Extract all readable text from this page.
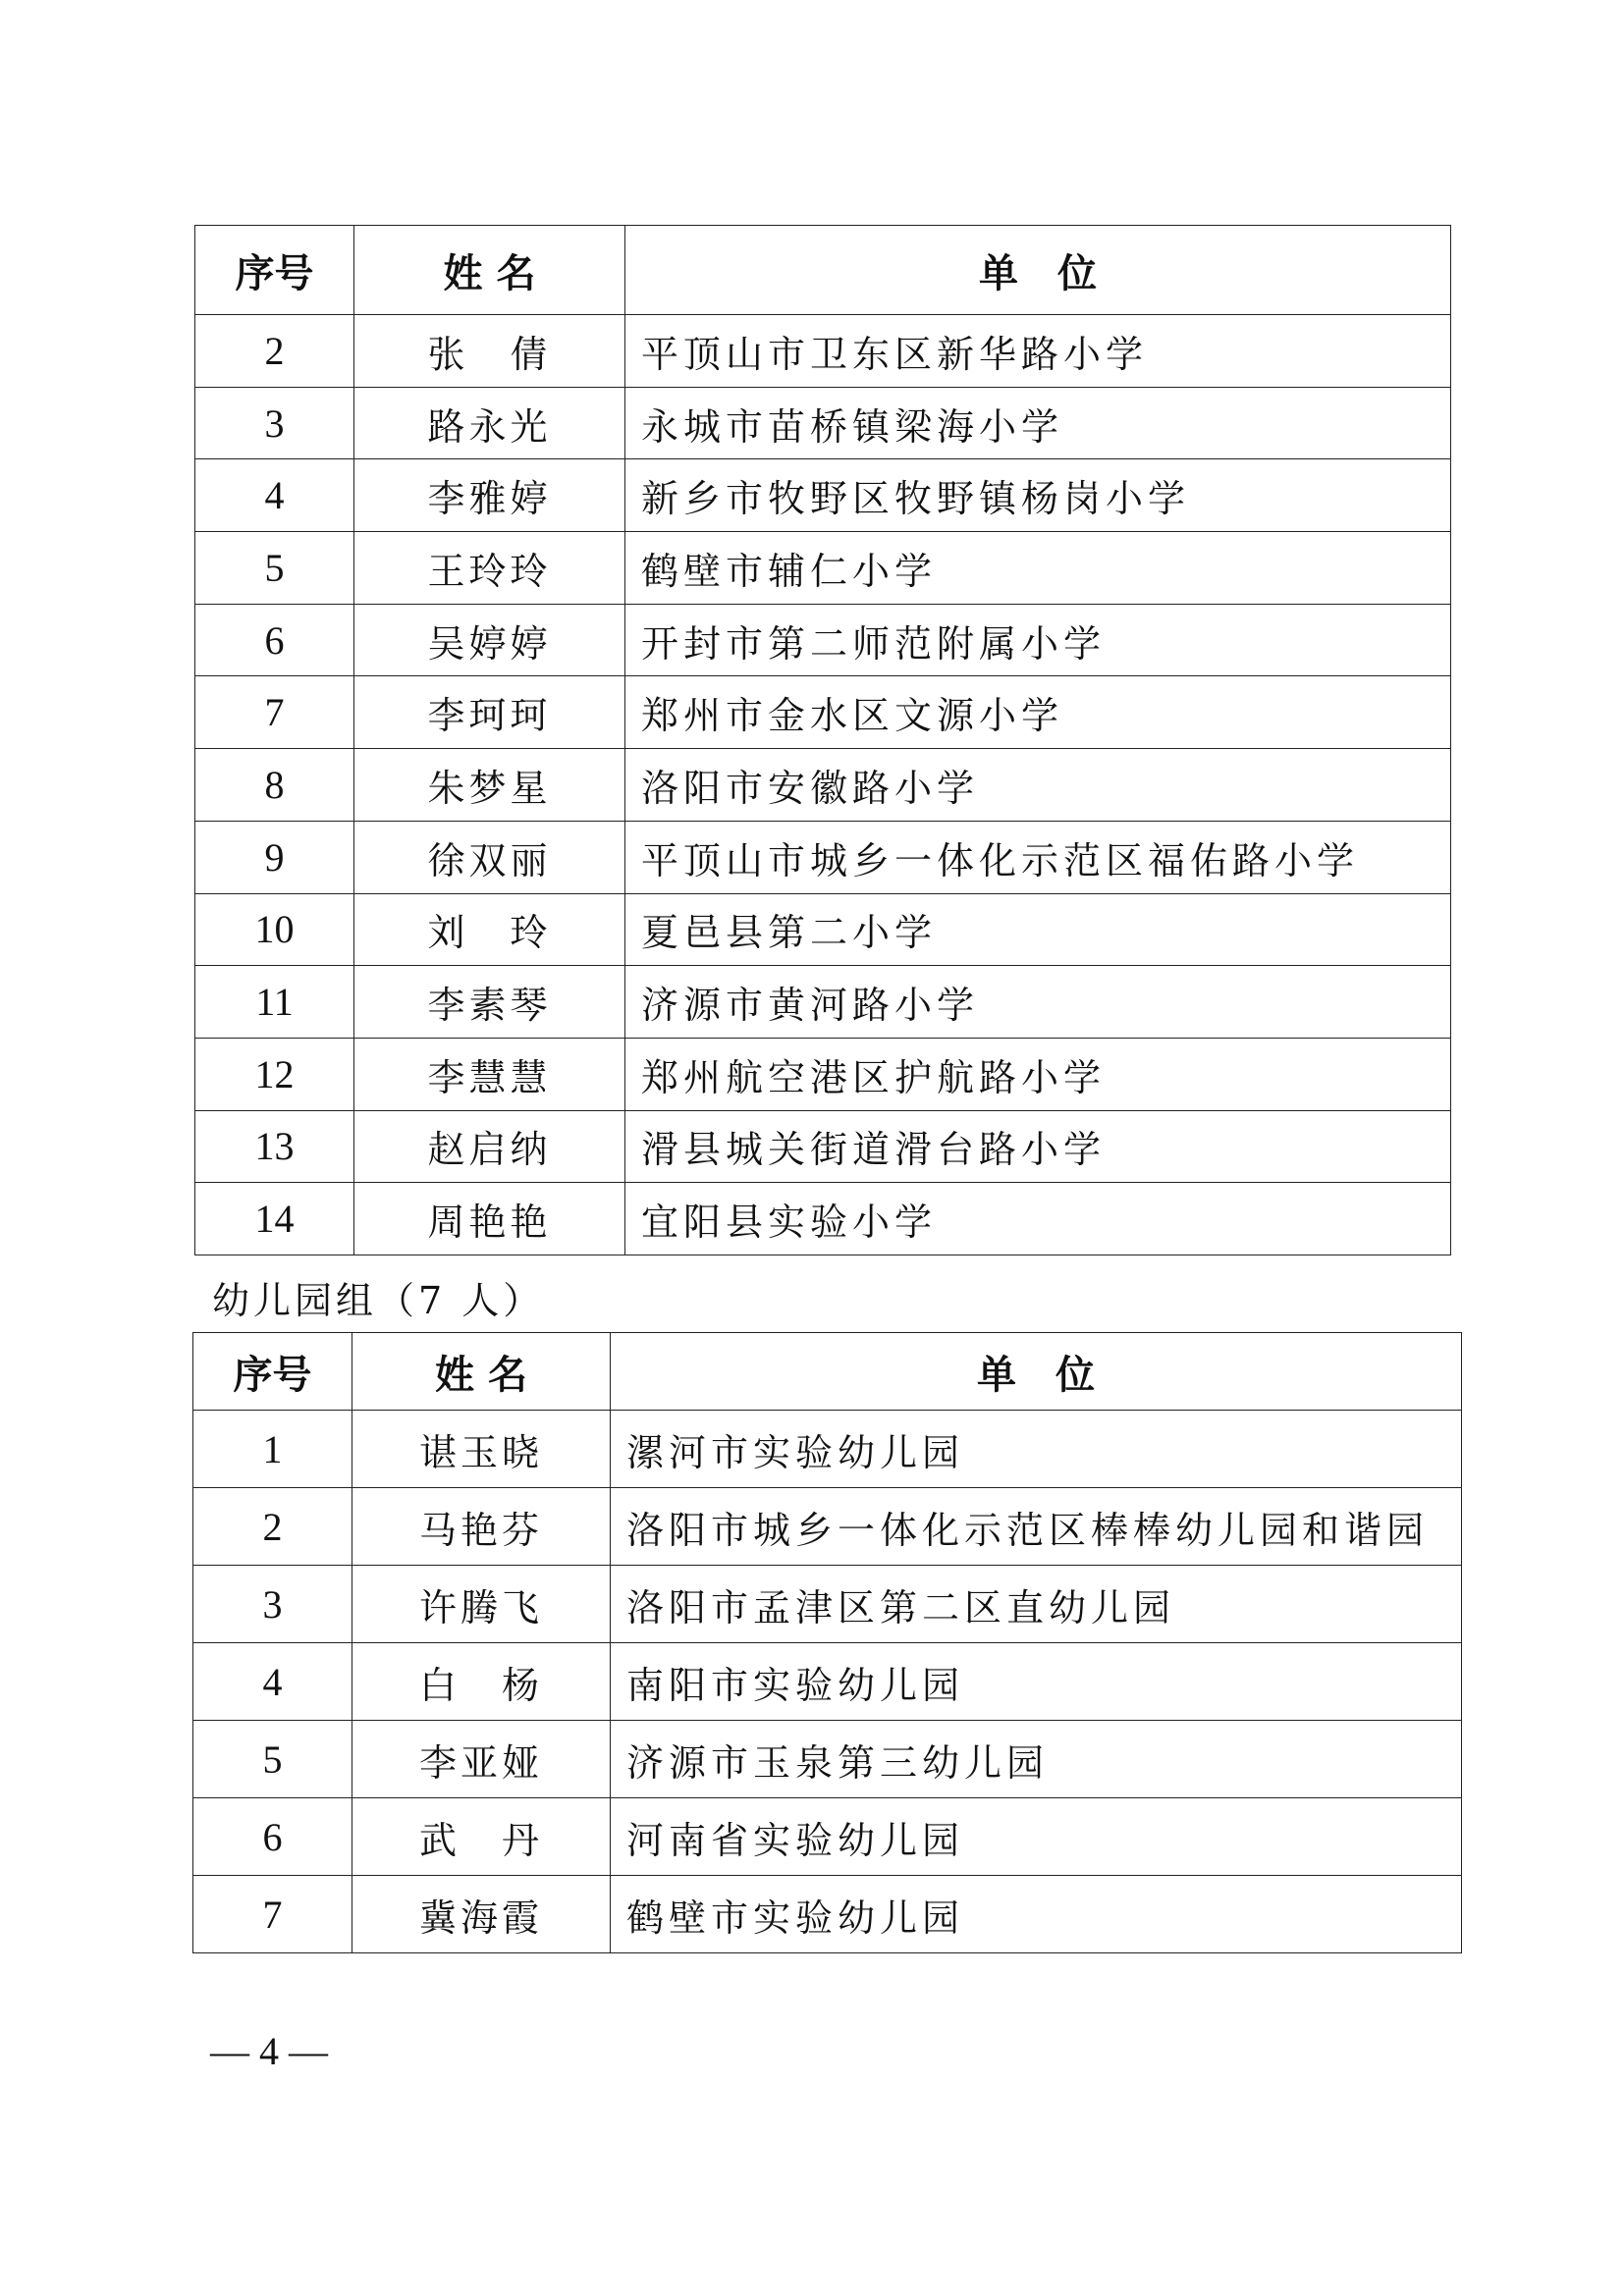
序号	姓 名	单　位
2	张　倩	平顶山市卫东区新华路小学
3	路永光	永城市苗桥镇梁海小学
4	李雅婷	新乡市牧野区牧野镇杨岗小学
5	王玲玲	鹤壁市辅仁小学
6	吴婷婷	开封市第二师范附属小学
7	李珂珂	郑州市金水区文源小学
8	朱梦星	洛阳市安徽路小学
9	徐双丽	平顶山市城乡一体化示范区福佑路小学
10	刘　玲	夏邑县第二小学
11	李素琴	济源市黄河路小学
12	李慧慧	郑州航空港区护航路小学
13	赵启纳	滑县城关街道滑台路小学
14	周艳艳	宜阳县实验小学
幼儿园组（7 人）
序号	姓 名	单　位
1	谌玉晓	漯河市实验幼儿园
2	马艳芬	洛阳市城乡一体化示范区棒棒幼儿园和谐园
3	许腾飞	洛阳市孟津区第二区直幼儿园
4	白　杨	南阳市实验幼儿园
5	李亚娅	济源市玉泉第三幼儿园
6	武　丹	河南省实验幼儿园
7	冀海霞	鹤壁市实验幼儿园
— 4 —
